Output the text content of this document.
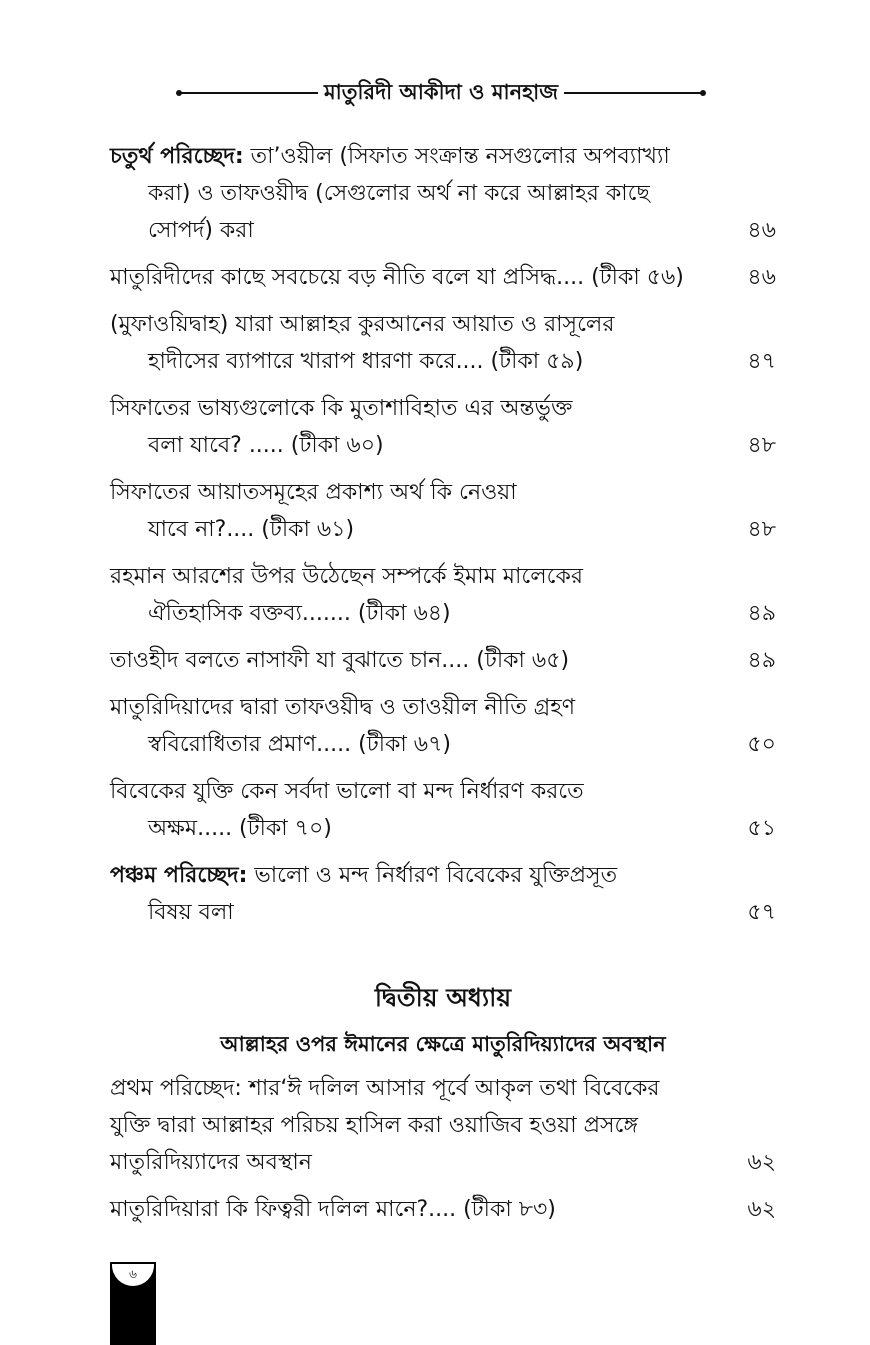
মাতুরিদী আকীদা ও মানহাজ
চতুর্থ পরিচ্ছেদ: তা’ওয়ীল (সিফাত সংক্রান্ত নসগুলোর অপব্যাখ্যা
করা) ও তাফওয়ীদ্ব (সেগুলোর অর্থ না করে আল্লাহর কাছে
সোপর্দ) করা	৪৬
মাতুরিদীদের কাছে সবচেয়ে বড় নীতি বলে যা প্রসিদ্ধ.... (টীকা ৫৬)	৪৬
(মুফাওয়িদ্বাহ) যারা আল্লাহর কুরআনের আয়াত ও রাসূলের
হাদীসের ব্যাপারে খারাপ ধারণা করে.... (টীকা ৫৯)	৪৭
সিফাতের ভাষ্যগুলোকে কি মুতাশাবিহাত এর অন্তর্ভুক্ত
বলা যাবে? ..... (টীকা ৬০)	৪৮
সিফাতের আয়াতসমূহের প্রকাশ্য অর্থ কি নেওয়া
যাবে না?.... (টীকা ৬১)	৪৮
রহমান আরশের উপর উঠেছেন সম্পর্কে ইমাম মালেকের
ঐতিহাসিক বক্তব্য....... (টীকা ৬৪)	৪৯
তাওহীদ বলতে নাসাফী যা বুঝাতে চান.... (টীকা ৬৫)	৪৯
মাতুরিদিয়াদের দ্বারা তাফওয়ীদ্ব ও তাওয়ীল নীতি গ্রহণ
স্ববিরোধিতার প্রমাণ..... (টীকা ৬৭)	৫০
বিবেকের যুক্তি কেন সর্বদা ভালো বা মন্দ নির্ধারণ করতে
অক্ষম..... (টীকা ৭০)	৫১
পঞ্চম পরিচ্ছেদ: ভালো ও মন্দ নির্ধারণ বিবেকের যুক্তিপ্রসূত
বিষয় বলা	৫৭
দ্বিতীয় অধ্যায়
আল্লাহর ওপর ঈমানের ক্ষেত্রে মাতুরিদিয়্যাদের অবস্থান
প্রথম পরিচ্ছেদ: শার‘ঈ দলিল আসার পূর্বে আকৃল তথা বিবেকের
যুক্তি দ্বারা আল্লাহর পরিচয় হাসিল করা ওয়াজিব হওয়া প্রসঙ্গে
মাতুরিদিয়্যাদের অবস্থান	৬২
মাতুরিদিয়ারা কি ফিত্বরী দলিল মানে?.... (টীকা ৮৩)	৬২
৬
